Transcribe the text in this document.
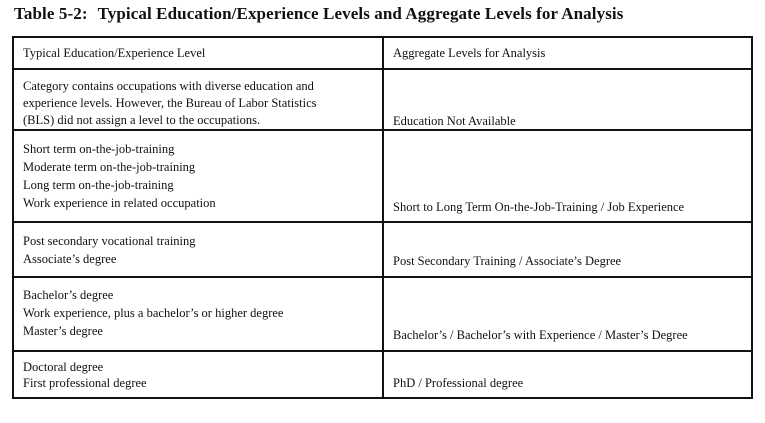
Table 5-2: Typical Education/Experience Levels and Aggregate Levels for Analysis
Typical Education/Experience Level	Aggregate Levels for Analysis
Category contains occupations with diverse education and
experience levels. However, the Bureau of Labor Statistics
(BLS) did not assign a level to the occupations.	Education Not Available
Short term on-the-job-training
Moderate term on-the-job-training
Long term on-the-job-training
Work experience in related occupation	Short to Long Term On-the-Job-Training / Job Experience
Post secondary vocational training
Associate’s degree	Post Secondary Training / Associate’s Degree
Bachelor’s degree
Work experience, plus a bachelor’s or higher degree
Master’s degree	Bachelor’s / Bachelor’s with Experience / Master’s Degree
Doctoral degree
First professional degree	PhD / Professional degree
